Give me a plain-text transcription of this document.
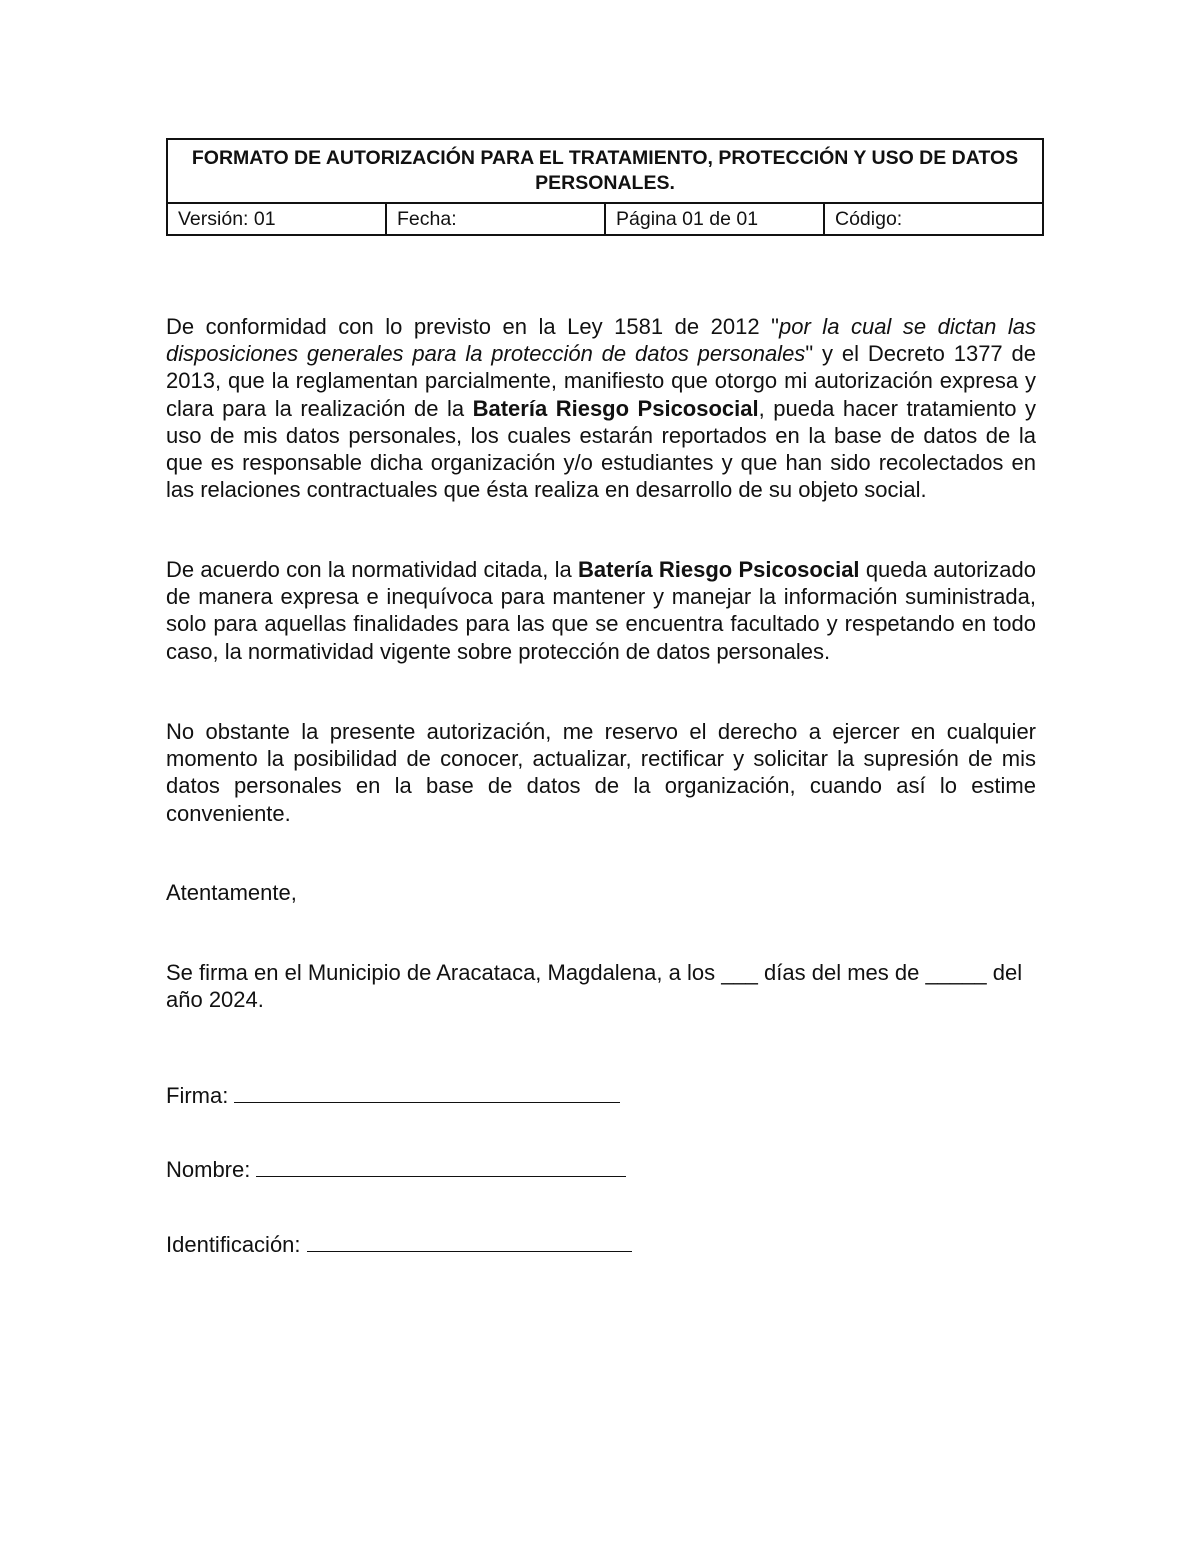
FORMATO DE AUTORIZACIÓN PARA EL TRATAMIENTO, PROTECCIÓN Y USO DE DATOS PERSONALES.
Versión: 01	Fecha:	Página 01 de 01	Código:

De conformidad con lo previsto en la Ley 1581 de 2012 "por la cual se dictan las disposiciones generales para la protección de datos personales" y el Decreto 1377 de 2013, que la reglamentan parcialmente, manifiesto que otorgo mi autorización expresa y clara para la realización de la Batería Riesgo Psicosocial, pueda hacer tratamiento y uso de mis datos personales, los cuales estarán reportados en la base de datos de la que es responsable dicha organización y/o estudiantes y que han sido recolectados en las relaciones contractuales que ésta realiza en desarrollo de su objeto social.

De acuerdo con la normatividad citada, la Batería Riesgo Psicosocial queda autorizado de manera expresa e inequívoca para mantener y manejar la información suministrada, solo para aquellas finalidades para las que se encuentra facultado y respetando en todo caso, la normatividad vigente sobre protección de datos personales.

No obstante la presente autorización, me reservo el derecho a ejercer en cualquier momento la posibilidad de conocer, actualizar, rectificar y solicitar la supresión de mis datos personales en la base de datos de la organización, cuando así lo estime conveniente.

Atentamente,

Se firma en el Municipio de Aracataca, Magdalena, a los ___ días del mes de _____ del año 2024.

Firma:

Nombre:

Identificación:
